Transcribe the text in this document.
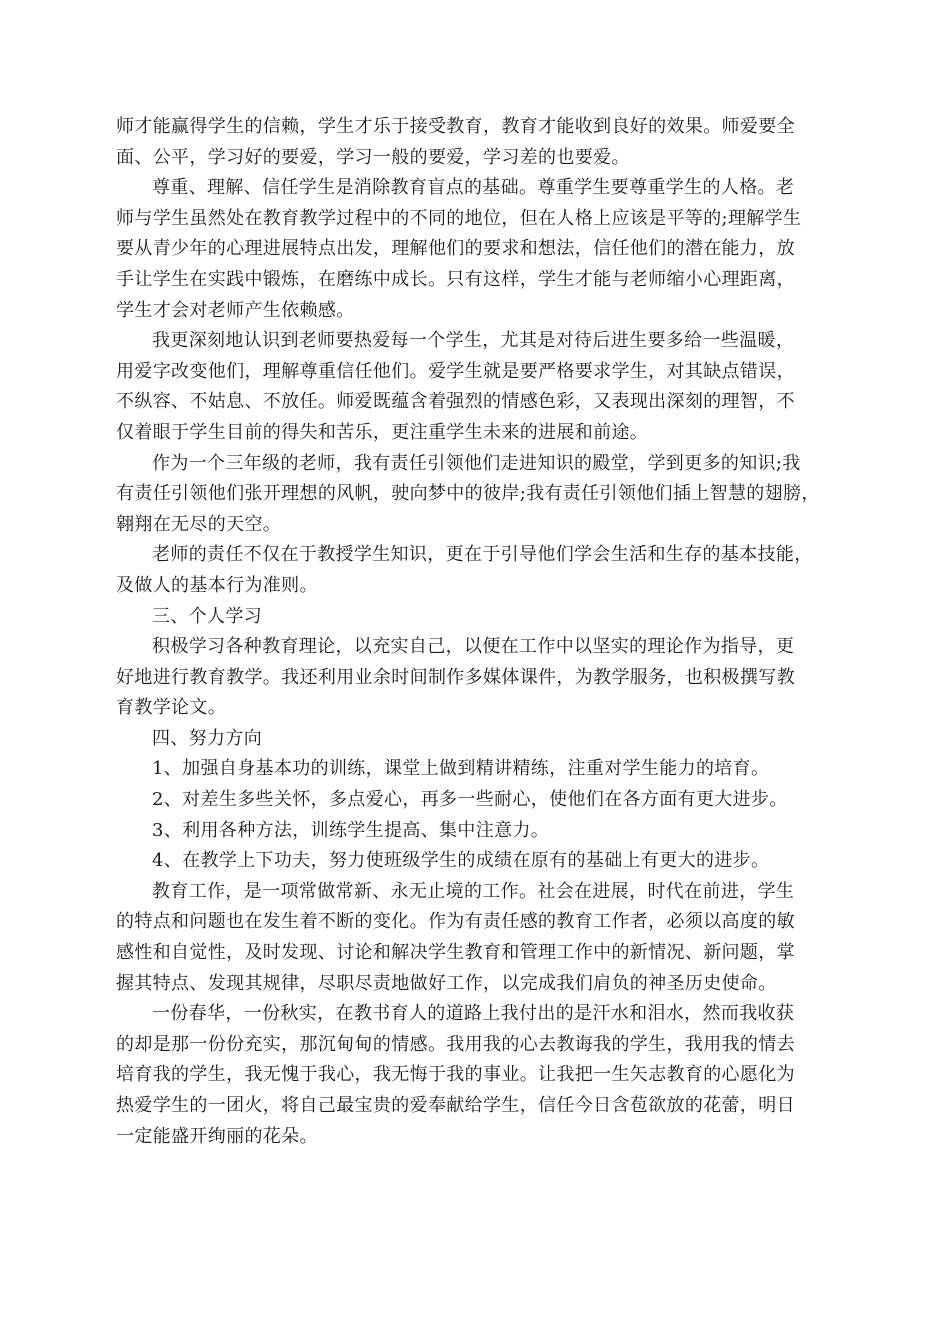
师才能赢得学生的信赖，学生才乐于接受教育，教育才能收到良好的效果。师爱要全
面、公平，学习好的要爱，学习一般的要爱，学习差的也要爱。

尊重、理解、信任学生是消除教育盲点的基础。尊重学生要尊重学生的人格。老
师与学生虽然处在教育教学过程中的不同的地位，但在人格上应该是平等的;理解学生
要从青少年的心理进展特点出发，理解他们的要求和想法，信任他们的潜在能力，放
手让学生在实践中锻炼，在磨练中成长。只有这样，学生才能与老师缩小心理距离，
学生才会对老师产生依赖感。

我更深刻地认识到老师要热爱每一个学生，尤其是对待后进生要多给一些温暖，
用爱字改变他们，理解尊重信任他们。爱学生就是要严格要求学生，对其缺点错误，
不纵容、不姑息、不放任。师爱既蕴含着强烈的情感色彩，又表现出深刻的理智，不
仅着眼于学生目前的得失和苦乐，更注重学生未来的进展和前途。

作为一个三年级的老师，我有责任引领他们走进知识的殿堂，学到更多的知识;我
有责任引领他们张开理想的风帆，驶向梦中的彼岸;我有责任引领他们插上智慧的翅膀，
翱翔在无尽的天空。

老师的责任不仅在于教授学生知识，更在于引导他们学会生活和生存的基本技能，
及做人的基本行为准则。

三、个人学习

积极学习各种教育理论，以充实自己，以便在工作中以坚实的理论作为指导，更
好地进行教育教学。我还利用业余时间制作多媒体课件，为教学服务，也积极撰写教
育教学论文。

四、努力方向

1、加强自身基本功的训练，课堂上做到精讲精练，注重对学生能力的培育。

2、对差生多些关怀，多点爱心，再多一些耐心，使他们在各方面有更大进步。

3、利用各种方法，训练学生提高、集中注意力。

4、在教学上下功夫，努力使班级学生的成绩在原有的基础上有更大的进步。

教育工作，是一项常做常新、永无止境的工作。社会在进展，时代在前进，学生
的特点和问题也在发生着不断的变化。作为有责任感的教育工作者，必须以高度的敏
感性和自觉性，及时发现、讨论和解决学生教育和管理工作中的新情况、新问题，掌
握其特点、发现其规律，尽职尽责地做好工作，以完成我们肩负的神圣历史使命。

一份春华，一份秋实，在教书育人的道路上我付出的是汗水和泪水，然而我收获
的却是那一份份充实，那沉甸甸的情感。我用我的心去教诲我的学生，我用我的情去
培育我的学生，我无愧于我心，我无悔于我的事业。让我把一生矢志教育的心愿化为
热爱学生的一团火，将自己最宝贵的爱奉献给学生，信任今日含苞欲放的花蕾，明日
一定能盛开绚丽的花朵。
